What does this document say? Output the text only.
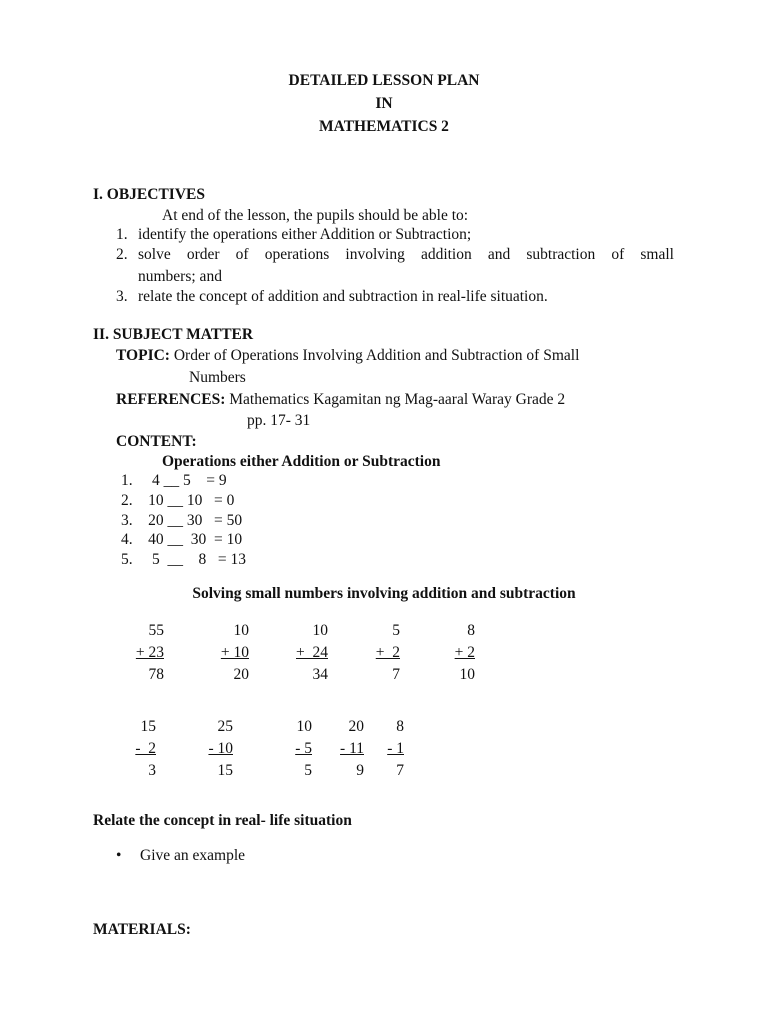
DETAILED LESSON PLAN
IN
MATHEMATICS 2
I. OBJECTIVES
At end of the lesson, the pupils should be able to:
1. identify the operations either Addition or Subtraction;
2. solve order of operations involving addition and subtraction of small
numbers; and
3. relate the concept of addition and subtraction in real-life situation.
II. SUBJECT MATTER
TOPIC: Order of Operations Involving Addition and Subtraction of Small
Numbers
REFERENCES: Mathematics Kagamitan ng Mag-aaral Waray Grade 2
pp. 17- 31
CONTENT:
Operations either Addition or Subtraction
1.     4 __ 5    = 9
2.    10 __ 10   = 0
3.    20 __ 30   = 50
4.    40 __  30  = 10
5.     5  __    8   = 13
Solving small numbers involving addition and subtraction
55
+ 23
78
10
+ 10
20
10
+  24
34
5
+  2
7
8
+ 2
10
15
-  2
3
25
- 10
15
10
- 5
5
20
- 11
9
8
- 1
7
Relate the concept in real- life situation
• Give an example
MATERIALS:
